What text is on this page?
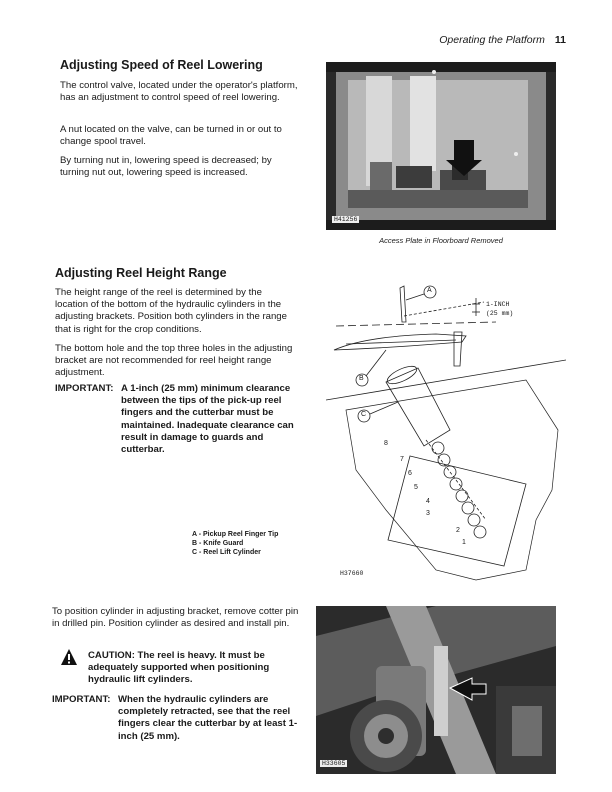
Operating the Platform 11
Adjusting Speed of Reel Lowering

The control valve, located under the operator's platform, has an adjustment to control speed of reel lowering.

A nut located on the valve, can be turned in or out to change spool travel.

By turning nut in, lowering speed is decreased; by turning nut out, lowering speed is increased.

H41256
Access Plate in Floorboard Removed
Adjusting Reel Height Range

The height range of the reel is determined by the location of the bottom of the hydraulic cylinders in the adjusting brackets. Position both cylinders in the range that is right for the crop conditions.

The bottom hole and the top three holes in the adjusting bracket are not recommended for reel height range adjustment.

IMPORTANT: A 1-inch (25 mm) minimum clearance between the tips of the pick-up reel fingers and the cutterbar must be maintained. Inadequate clearance can result in damage to guards and cutterbar.
A - Pickup Reel Finger Tip
B - Knife Guard
C - Reel Lift Cylinder
A
B
C
1-INCH
(25 mm)
1
2
3
4
5
6
7
8
H37660

To position cylinder in adjusting bracket, remove cotter pin in drilled pin. Position cylinder as desired and install pin.

CAUTION: The reel is heavy. It must be adequately supported when positioning hydraulic lift cylinders.
IMPORTANT: When the hydraulic cylinders are completely retracted, see that the reel fingers clear the cutterbar by at least 1-inch (25 mm).
H33605
